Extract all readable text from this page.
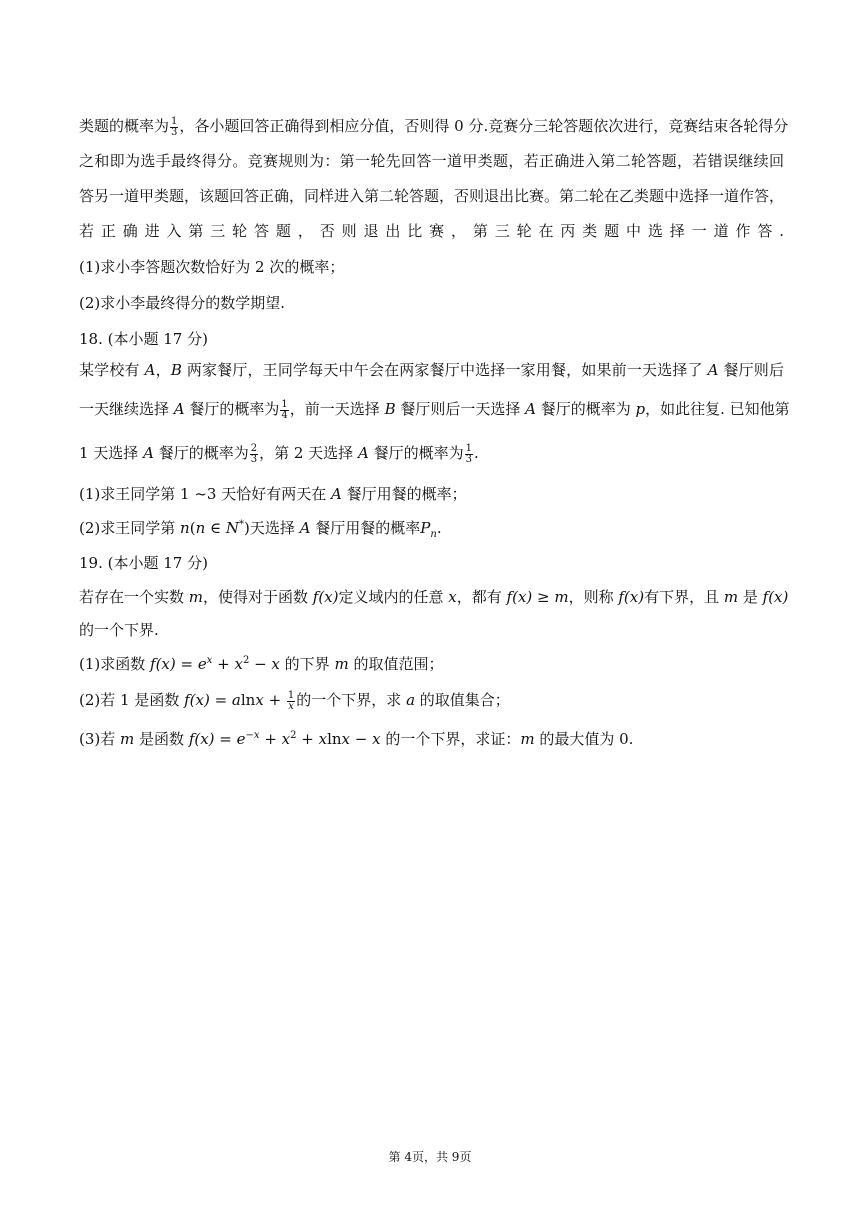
类题的概率为 $\frac{1}{3}$ ，各小题回答正确得到相应分值，否则得 0 分.竞赛分三轮答题依次进行，竞赛结束各轮得分
之和即为选手最终得分。竞赛规则为：第一轮先回答一道甲类题，若正确进入第二轮答题，若错误继续回
答另一道甲类题，该题回答正确，同样进入第二轮答题，否则退出比赛。第二轮在乙类题中选择一道作答，
若正确进入第三轮答题，否则退出比赛，第三轮在丙类题中选择一道作答.
(1)求小李答题次数恰好为 2 次的概率；
(2)求小李最终得分的数学期望.
18. (本小题 17 分)
某学校有 A，B 两家餐厅，王同学每天中午会在两家餐厅中选择一家用餐，如果前一天选择了 A 餐厅则后
一天继续选择 A 餐厅的概率为 $\frac{1}{4}$ ，前一天选择 B 餐厅则后一天选择 A 餐厅的概率为 p，如此往复. 已知他第
1 天选择 A 餐厅的概率为 $\frac{2}{3}$ ，第 2 天选择 A 餐厅的概率为 $\frac{1}{3}$ .
(1)求王同学第 1 ~3 天恰好有两天在 A 餐厅用餐的概率；
(2)求王同学第 n(n ∈ N*)天选择 A 餐厅用餐的概率$P_n$.
19. (本小题 17 分)
若存在一个实数 m，使得对于函数 f(x)定义域内的任意 x，都有 f(x) ≥ m，则称 f(x)有下界，且 m 是 f(x)
的一个下界.
(1)求函数 $f(x) = e^x + x^2 - x$ 的下界 m 的取值范围；
(2)若 1 是函数 $f(x) = alnx + \frac{1}{x}$ 的一个下界，求 a 的取值集合；
(3)若 m 是函数 $f(x) = e^{-x} + x^2 + xlnx - x$ 的一个下界，求证：m 的最大值为 0.
第 4页，共 9页
